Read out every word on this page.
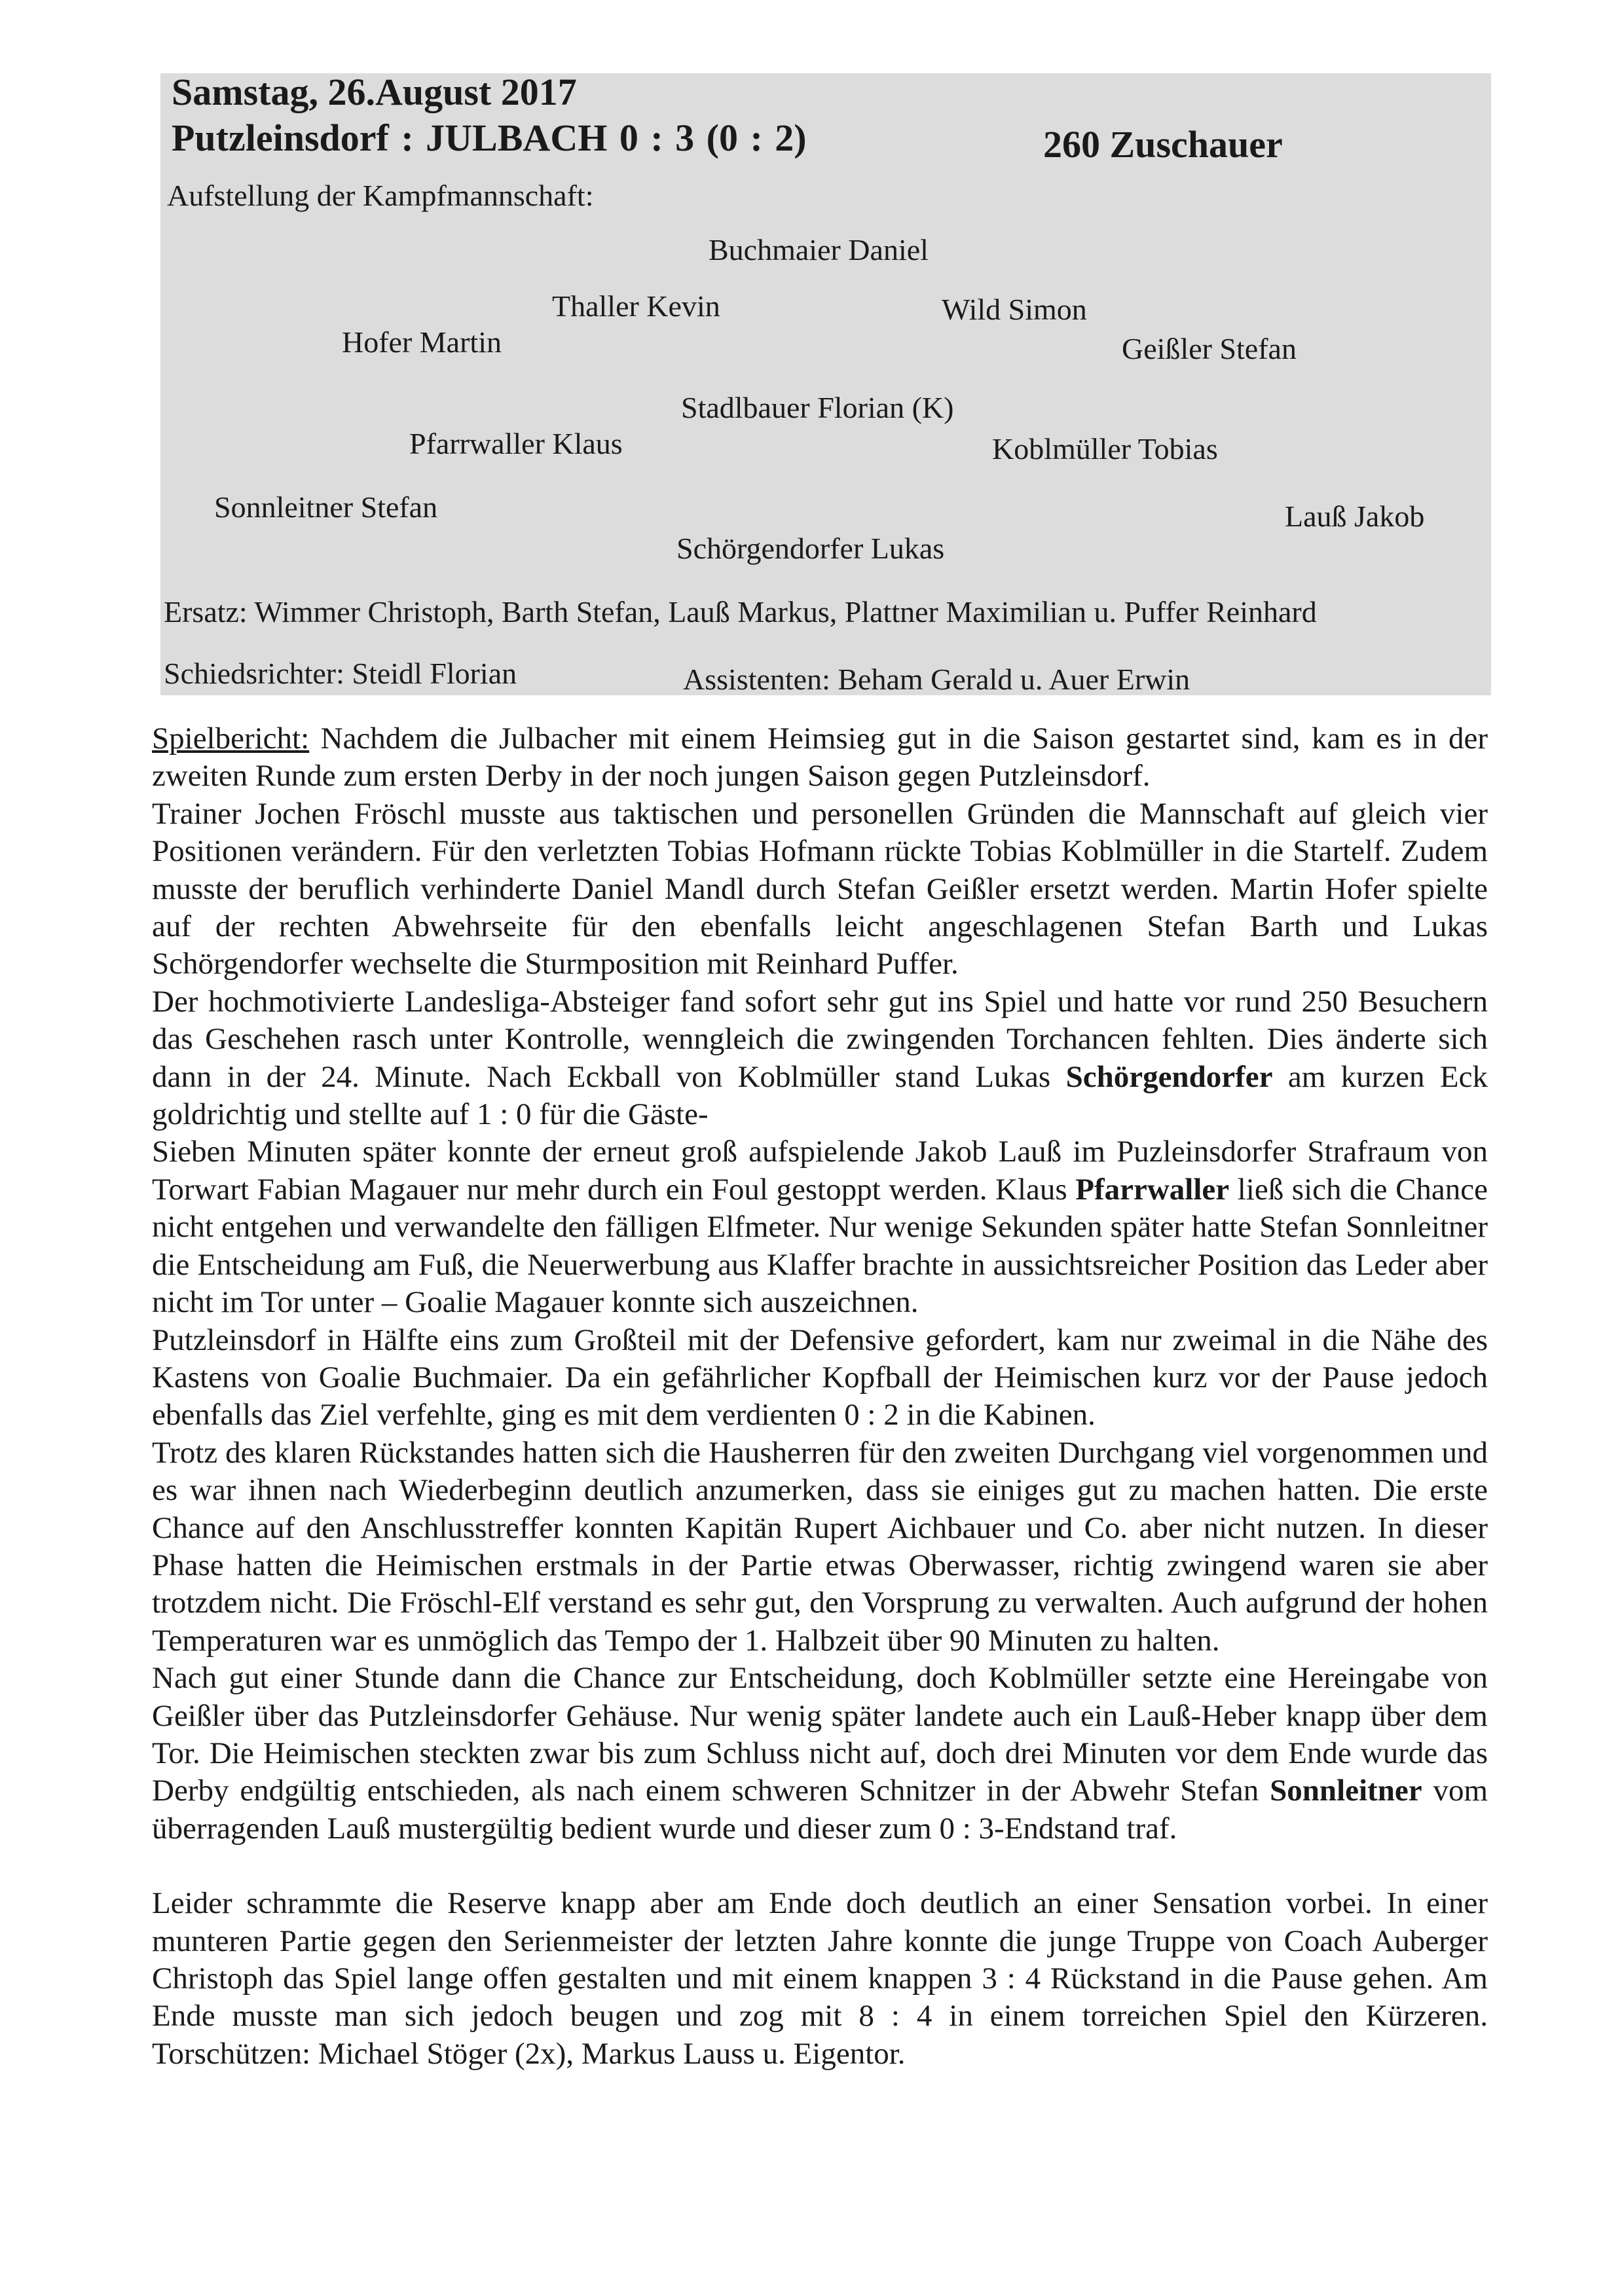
Samstag, 26.August 2017
Putzleinsdorf : JULBACH 0 : 3 (0 : 2)	260 Zuschauer
Aufstellung der Kampfmannschaft:
Buchmaier Daniel
Thaller Kevin	Wild Simon
Hofer Martin	Geißler Stefan
Stadlbauer Florian (K)
Pfarrwaller Klaus	Koblmüller Tobias
Sonnleitner Stefan	Lauß Jakob
Schörgendorfer Lukas
Ersatz: Wimmer Christoph, Barth Stefan, Lauß Markus, Plattner Maximilian u. Puffer Reinhard
Schiedsrichter: Steidl Florian	Assistenten: Beham Gerald u. Auer Erwin

Spielbericht: Nachdem die Julbacher mit einem Heimsieg gut in die Saison gestartet sind, kam es in der zweiten Runde zum ersten Derby in der noch jungen Saison gegen Putzleinsdorf.

Trainer Jochen Fröschl musste aus taktischen und personellen Gründen die Mannschaft auf gleich vier Positionen verändern. Für den verletzten Tobias Hofmann rückte Tobias Koblmüller in die Startelf. Zudem musste der beruflich verhinderte Daniel Mandl durch Stefan Geißler ersetzt werden. Martin Hofer spielte auf der rechten Abwehrseite für den ebenfalls leicht angeschlagenen Stefan Barth und Lukas Schörgendorfer wechselte die Sturmposition mit Reinhard Puffer.

Der hochmotivierte Landesliga-Absteiger fand sofort sehr gut ins Spiel und hatte vor rund 250 Besuchern das Geschehen rasch unter Kontrolle, wenngleich die zwingenden Torchancen fehlten. Dies änderte sich dann in der 24. Minute. Nach Eckball von Koblmüller stand Lukas Schörgendorfer am kurzen Eck goldrichtig und stellte auf 1 : 0 für die Gäste-

Sieben Minuten später konnte der erneut groß aufspielende Jakob Lauß im Puzleinsdorfer Strafraum von Torwart Fabian Magauer nur mehr durch ein Foul gestoppt werden. Klaus Pfarrwaller ließ sich die Chance nicht entgehen und verwandelte den fälligen Elfmeter. Nur wenige Sekunden später hatte Stefan Sonnleitner die Entscheidung am Fuß, die Neuerwerbung aus Klaffer brachte in aussichtsreicher Position das Leder aber nicht im Tor unter – Goalie Magauer konnte sich auszeichnen.

Putzleinsdorf in Hälfte eins zum Großteil mit der Defensive gefordert, kam nur zweimal in die Nähe des Kastens von Goalie Buchmaier. Da ein gefährlicher Kopfball der Heimischen kurz vor der Pause jedoch ebenfalls das Ziel verfehlte, ging es mit dem verdienten 0 : 2 in die Kabinen.

Trotz des klaren Rückstandes hatten sich die Hausherren für den zweiten Durchgang viel vorgenommen und es war ihnen nach Wiederbeginn deutlich anzumerken, dass sie einiges gut zu machen hatten. Die erste Chance auf den Anschlusstreffer konnten Kapitän Rupert Aichbauer und Co. aber nicht nutzen. In dieser Phase hatten die Heimischen erstmals in der Partie etwas Oberwasser, richtig zwingend waren sie aber trotzdem nicht. Die Fröschl-Elf verstand es sehr gut, den Vorsprung zu verwalten. Auch aufgrund der hohen Temperaturen war es unmöglich das Tempo der 1. Halbzeit über 90 Minuten zu halten.

Nach gut einer Stunde dann die Chance zur Entscheidung, doch Koblmüller setzte eine Hereingabe von Geißler über das Putzleinsdorfer Gehäuse. Nur wenig später landete auch ein Lauß-Heber knapp über dem Tor. Die Heimischen steckten zwar bis zum Schluss nicht auf, doch drei Minuten vor dem Ende wurde das Derby endgültig entschieden, als nach einem schweren Schnitzer in der Abwehr Stefan Sonnleitner vom überragenden Lauß mustergültig bedient wurde und dieser zum 0 : 3-Endstand traf.

Leider schrammte die Reserve knapp aber am Ende doch deutlich an einer Sensation vorbei. In einer munteren Partie gegen den Serienmeister der letzten Jahre konnte die junge Truppe von Coach Auberger Christoph das Spiel lange offen gestalten und mit einem knappen 3 : 4 Rückstand in die Pause gehen. Am Ende musste man sich jedoch beugen und zog mit 8 : 4 in einem torreichen Spiel den Kürzeren. Torschützen: Michael Stöger (2x), Markus Lauss u. Eigentor.
